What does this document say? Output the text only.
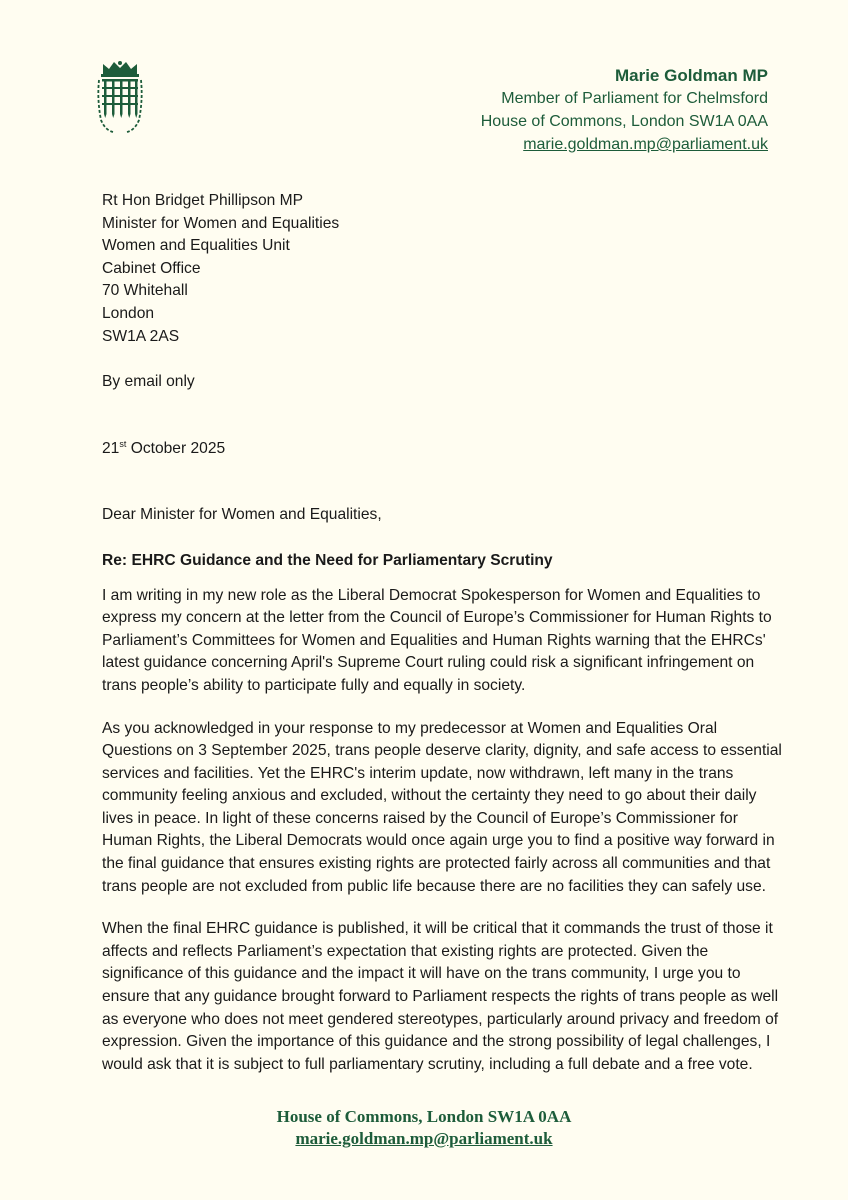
Marie Goldman MP
Member of Parliament for Chelmsford
House of Commons, London SW1A 0AA
marie.goldman.mp@parliament.uk
Rt Hon Bridget Phillipson MP
Minister for Women and Equalities
Women and Equalities Unit
Cabinet Office
70 Whitehall
London
SW1A 2AS
By email only
21st October 2025
Dear Minister for Women and Equalities,
Re: EHRC Guidance and the Need for Parliamentary Scrutiny

I am writing in my new role as the Liberal Democrat Spokesperson for Women and Equalities to express my concern at the letter from the Council of Europe’s Commissioner for Human Rights to Parliament’s Committees for Women and Equalities and Human Rights warning that the EHRCs' latest guidance concerning April's Supreme Court ruling could risk a significant infringement on trans people’s ability to participate fully and equally in society.

As you acknowledged in your response to my predecessor at Women and Equalities Oral Questions on 3 September 2025, trans people deserve clarity, dignity, and safe access to essential services and facilities. Yet the EHRC's interim update, now withdrawn, left many in the trans community feeling anxious and excluded, without the certainty they need to go about their daily lives in peace. In light of these concerns raised by the Council of Europe’s Commissioner for Human Rights, the Liberal Democrats would once again urge you to find a positive way forward in the final guidance that ensures existing rights are protected fairly across all communities and that trans people are not excluded from public life because there are no facilities they can safely use.

When the final EHRC guidance is published, it will be critical that it commands the trust of those it affects and reflects Parliament’s expectation that existing rights are protected. Given the significance of this guidance and the impact it will have on the trans community, I urge you to ensure that any guidance brought forward to Parliament respects the rights of trans people as well as everyone who does not meet gendered stereotypes, particularly around privacy and freedom of expression. Given the importance of this guidance and the strong possibility of legal challenges, I would ask that it is subject to full parliamentary scrutiny, including a full debate and a free vote.

House of Commons, London SW1A 0AA
marie.goldman.mp@parliament.uk
